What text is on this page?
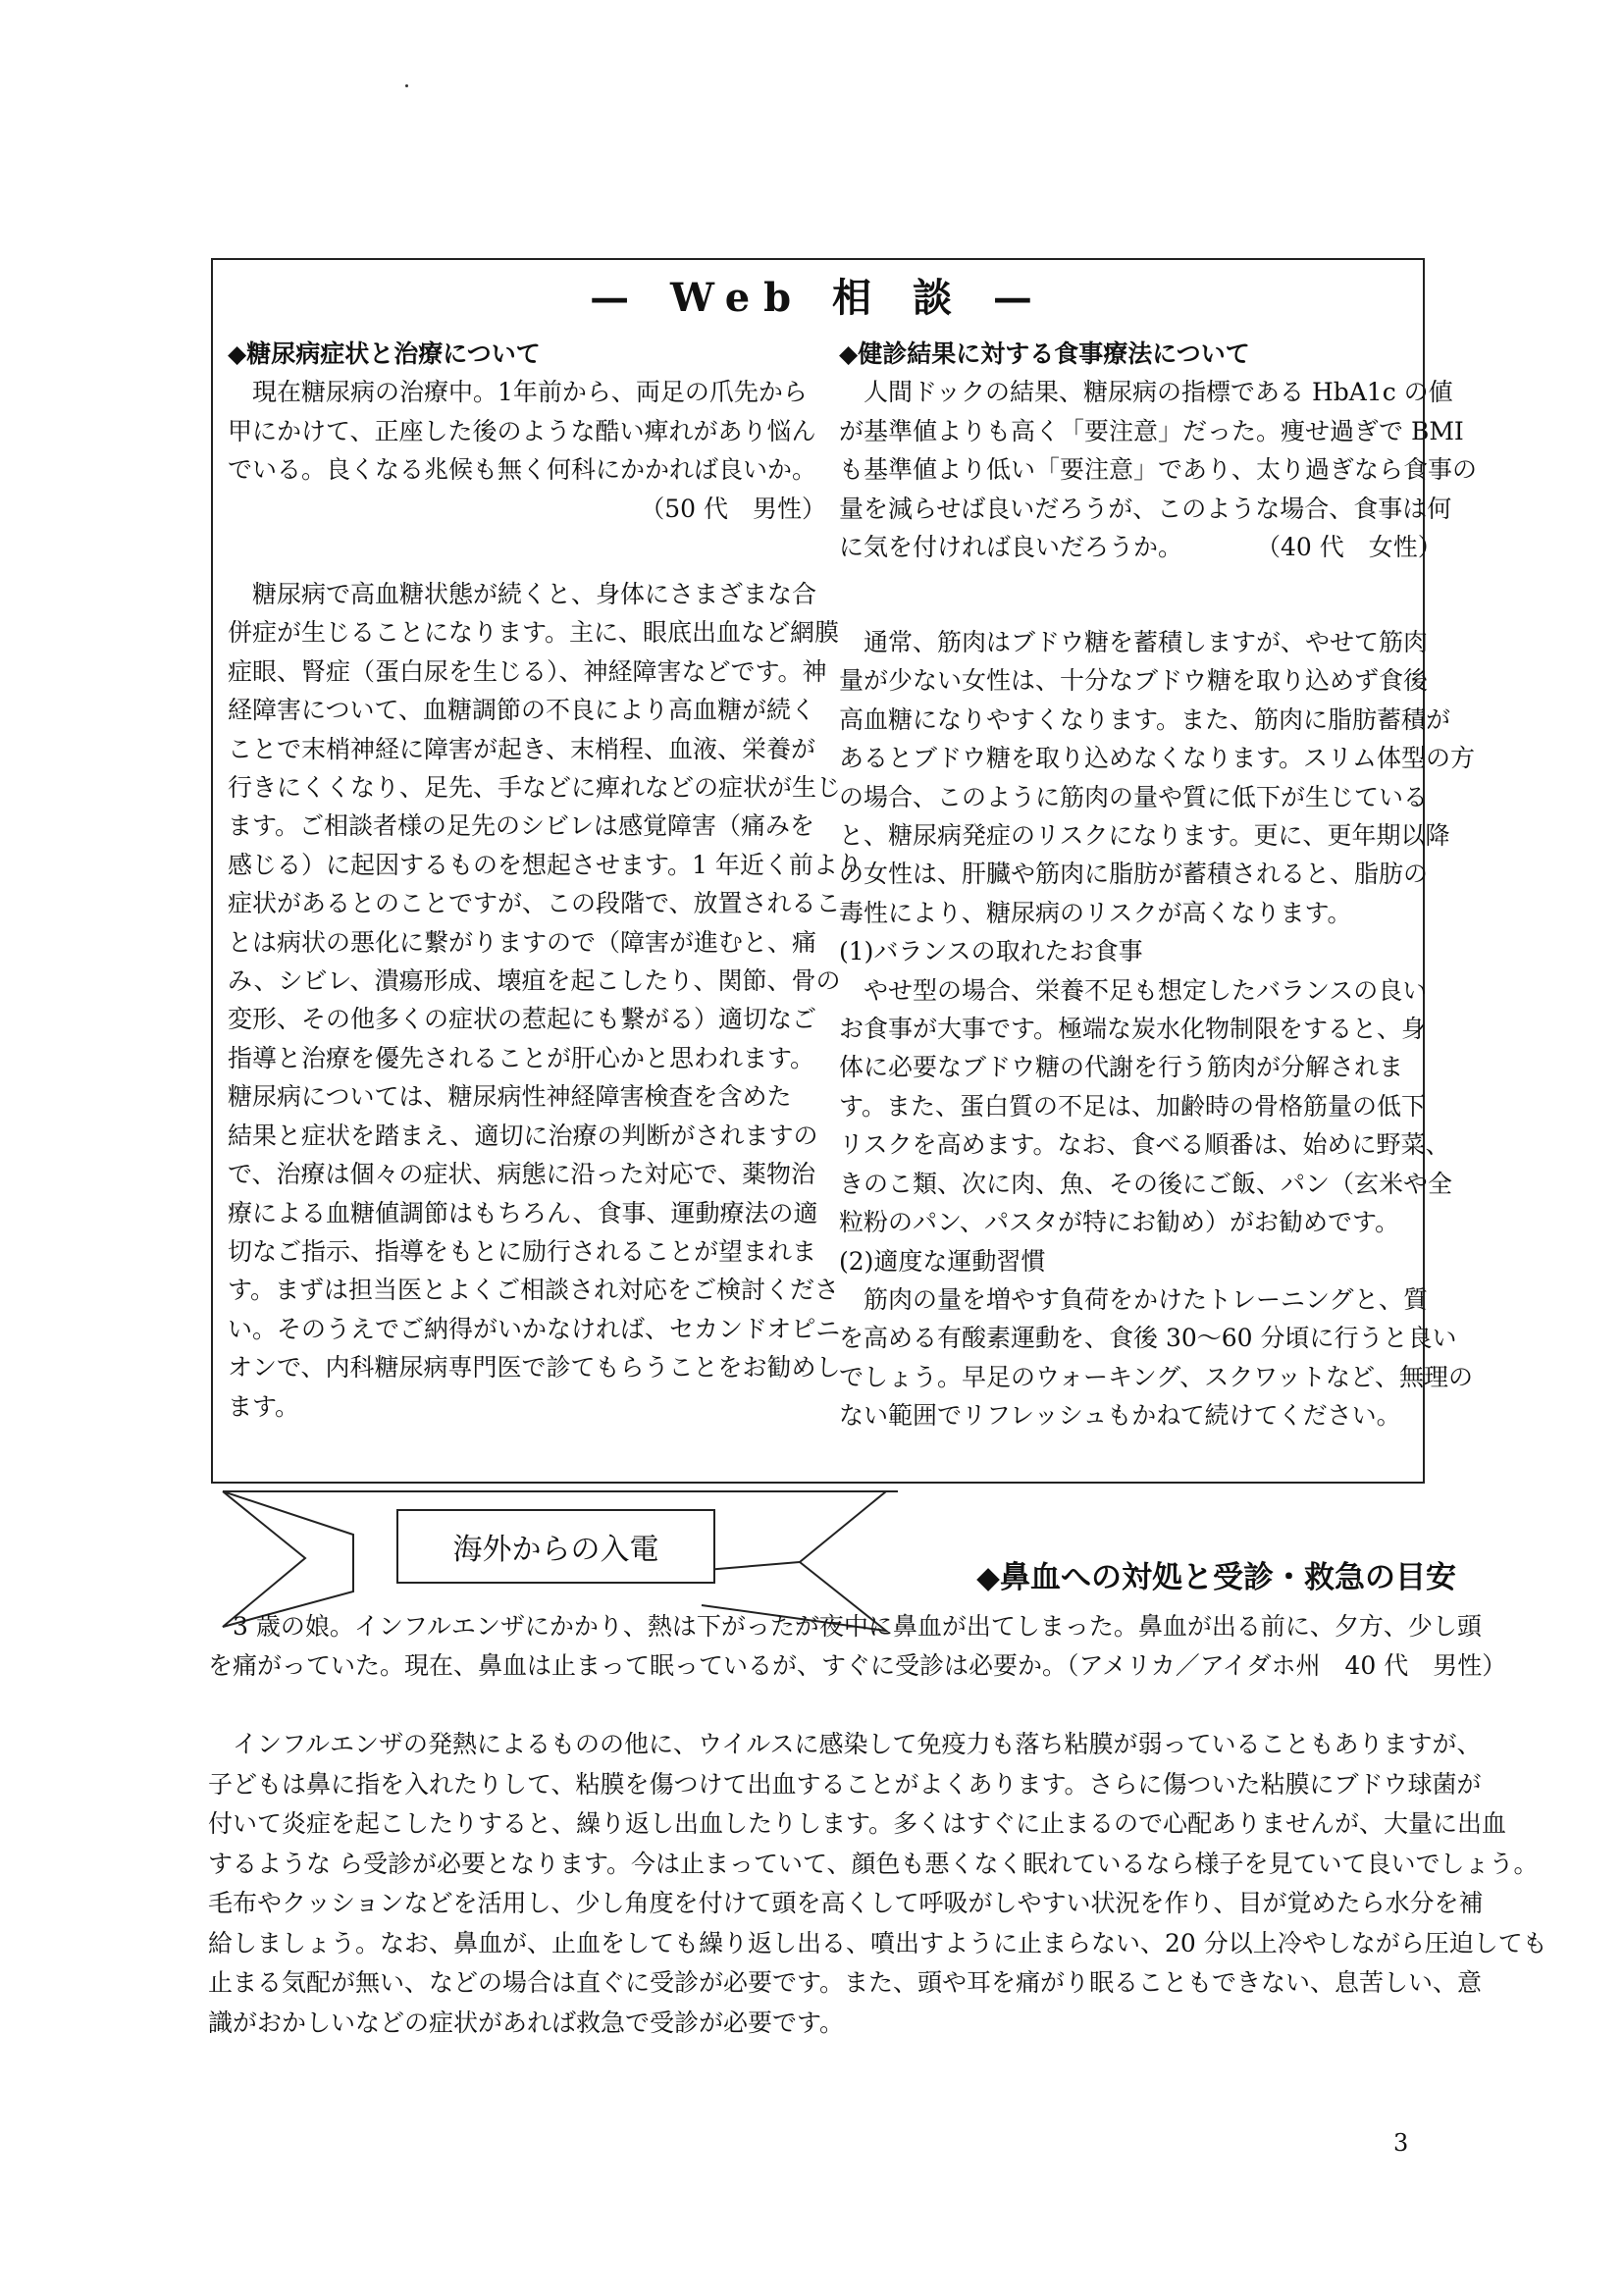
— Web 相 談 —

◆糖尿病症状と治療について

現在糖尿病の治療中。1年前から、両足の爪先から

甲にかけて、正座した後のような酷い痺れがあり悩ん

でいる。良くなる兆候も無く何科にかかれば良いか。

（50 代　男性）

糖尿病で高血糖状態が続くと、身体にさまざまな合

併症が生じることになります。主に、眼底出血など網膜

症眼、腎症（蛋白尿を生じる）、神経障害などです。神

経障害について、血糖調節の不良により高血糖が続く

ことで末梢神経に障害が起き、末梢程、血液、栄養が

行きにくくなり、足先、手などに痺れなどの症状が生じ

ます。ご相談者様の足先のシビレは感覚障害（痛みを

感じる）に起因するものを想起させます。1 年近く前より

症状があるとのことですが、この段階で、放置されるこ

とは病状の悪化に繋がりますので（障害が進むと、痛

み、シビレ、潰瘍形成、壊疽を起こしたり、関節、骨の

変形、その他多くの症状の惹起にも繋がる）適切なご

指導と治療を優先されることが肝心かと思われます。

糖尿病については、糖尿病性神経障害検査を含めた

結果と症状を踏まえ、適切に治療の判断がされますの

で、治療は個々の症状、病態に沿った対応で、薬物治

療による血糖値調節はもちろん、食事、運動療法の適

切なご指示、指導をもとに励行されることが望まれま

す。まずは担当医とよくご相談され対応をご検討くださ

い。そのうえでご納得がいかなければ、セカンドオピニ

オンで、内科糖尿病専門医で診てもらうことをお勧めし

ます。

◆健診結果に対する食事療法について

人間ドックの結果、糖尿病の指標である HbA1c の値

が基準値よりも高く「要注意」だった。痩せ過ぎで BMI

も基準値より低い「要注意」であり、太り過ぎなら食事の

量を減らせば良いだろうが、このような場合、食事は何

に気を付ければ良いだろうか。　　　　（40 代　女性）

通常、筋肉はブドウ糖を蓄積しますが、やせて筋肉

量が少ない女性は、十分なブドウ糖を取り込めず食後

高血糖になりやすくなります。また、筋肉に脂肪蓄積が

あるとブドウ糖を取り込めなくなります。スリム体型の方

の場合、このように筋肉の量や質に低下が生じている

と、糖尿病発症のリスクになります。更に、更年期以降

の女性は、肝臓や筋肉に脂肪が蓄積されると、脂肪の

毒性により、糖尿病のリスクが高くなります。

(1)バランスの取れたお食事

やせ型の場合、栄養不足も想定したバランスの良い

お食事が大事です。極端な炭水化物制限をすると、身

体に必要なブドウ糖の代謝を行う筋肉が分解されま

す。また、蛋白質の不足は、加齢時の骨格筋量の低下

リスクを高めます。なお、食べる順番は、始めに野菜、

きのこ類、次に肉、魚、その後にご飯、パン（玄米や全

粒粉のパン、パスタが特にお勧め）がお勧めです。

(2)適度な運動習慣

筋肉の量を増やす負荷をかけたトレーニングと、質

を高める有酸素運動を、食後 30〜60 分頃に行うと良い

でしょう。早足のウォーキング、スクワットなど、無理の

ない範囲でリフレッシュもかねて続けてください。

海外からの入電
◆鼻血への対処と受診・救急の目安

3 歳の娘。インフルエンザにかかり、熱は下がったが夜中に鼻血が出てしまった。鼻血が出る前に、夕方、少し頭

を痛がっていた。現在、鼻血は止まって眠っているが、すぐに受診は必要か。（アメリカ／アイダホ州　40 代　男性）

インフルエンザの発熱によるものの他に、ウイルスに感染して免疫力も落ち粘膜が弱っていることもありますが、

子どもは鼻に指を入れたりして、粘膜を傷つけて出血することがよくあります。さらに傷ついた粘膜にブドウ球菌が

付いて炎症を起こしたりすると、繰り返し出血したりします。多くはすぐに止まるので心配ありませんが、大量に出血

するような ら受診が必要となります。今は止まっていて、顔色も悪くなく眠れているなら様子を見ていて良いでしょう。

毛布やクッションなどを活用し、少し角度を付けて頭を高くして呼吸がしやすい状況を作り、目が覚めたら水分を補

給しましょう。なお、鼻血が、止血をしても繰り返し出る、噴出すように止まらない、20 分以上冷やしながら圧迫しても

止まる気配が無い、などの場合は直ぐに受診が必要です。また、頭や耳を痛がり眠ることもできない、息苦しい、意

識がおかしいなどの症状があれば救急で受診が必要です。

3
